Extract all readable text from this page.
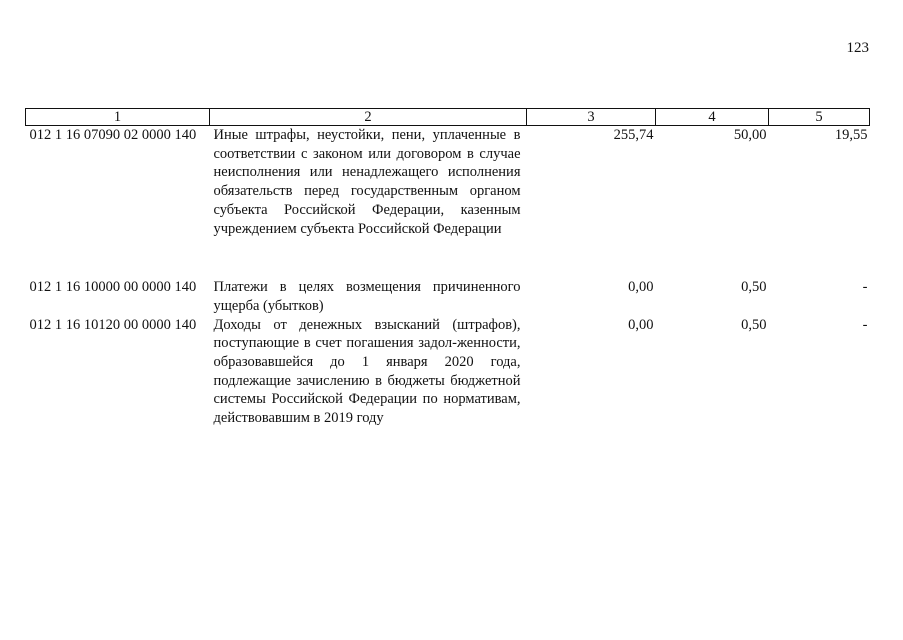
123
1	2	3	4	5
012 1 16 07090 02 0000 140	Иные штрафы, неустойки, пени, уплаченные в соответствии с законом или договором в случае неисполнения или ненадлежащего исполнения обязательств перед государственным органом субъекта Российской Федерации, казенным учреждением субъекта Российской Федерации	255,74	50,00	19,55

012 1 16 10000 00 0000 140	Платежи в целях возмещения причиненного ущерба (убытков)	0,00	0,50	-
012 1 16 10120 00 0000 140	Доходы от денежных взысканий (штрафов), поступающие в счет погашения задол-женности, образовавшейся до 1 января 2020 года, подлежащие зачислению в бюджеты бюджетной системы Российской Федерации по нормативам, действовавшим в 2019 году	0,00	0,50	-
